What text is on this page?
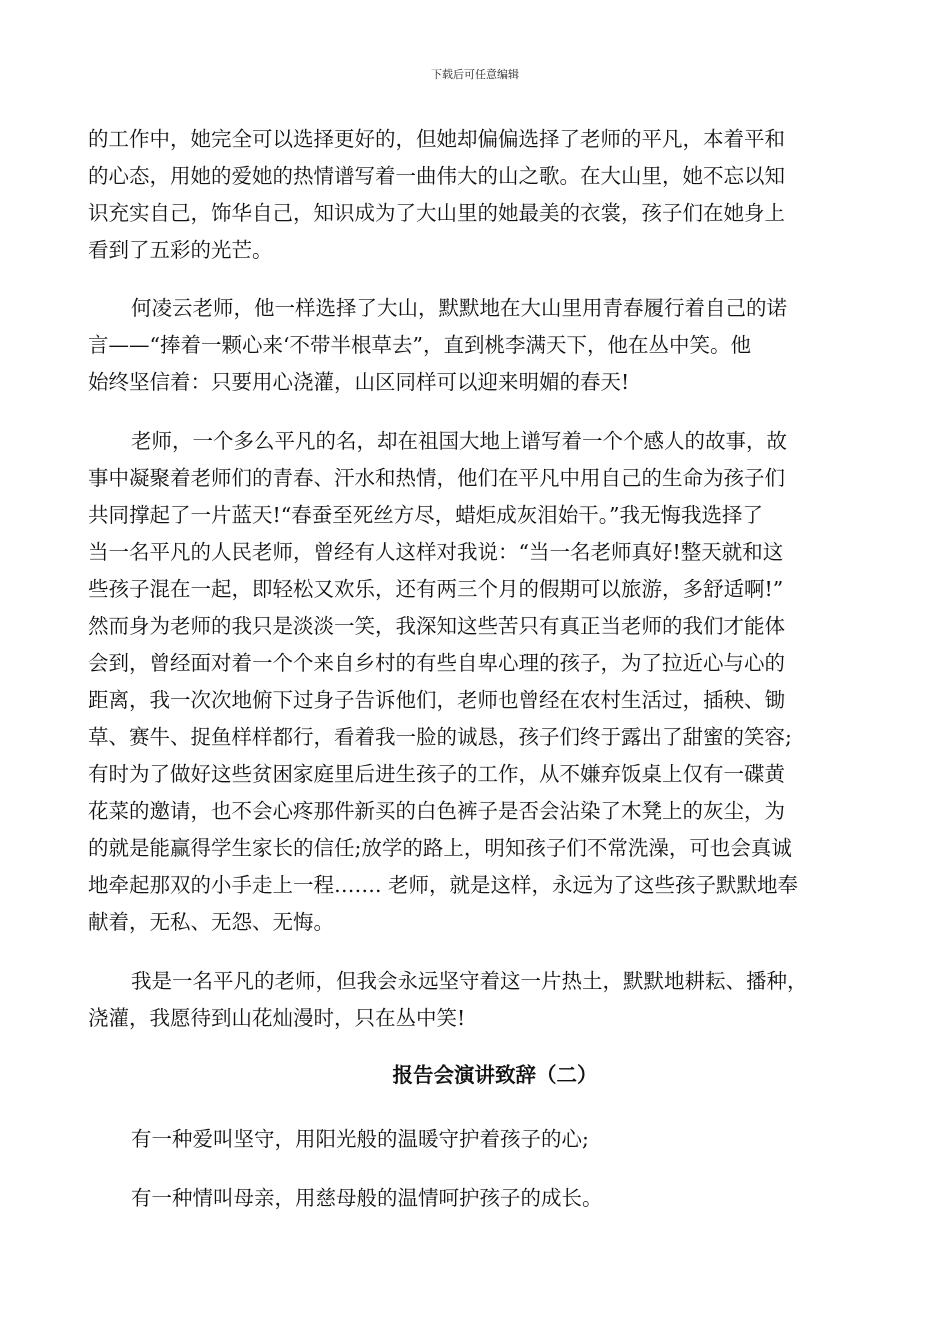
下载后可任意编辑
的工作中，她完全可以选择更好的，但她却偏偏选择了老师的平凡，本着平和
的心态，用她的爱她的热情谱写着一曲伟大的山之歌。在大山里，她不忘以知
识充实自己，饰华自己，知识成为了大山里的她最美的衣裳，孩子们在她身上
看到了五彩的光芒。
何凌云老师，他一样选择了大山，默默地在大山里用青春履行着自己的诺
言——“捧着一颗心来‘不带半根草去”，直到桃李满天下，他在丛中笑。他
始终坚信着：只要用心浇灌，山区同样可以迎来明媚的春天!
老师，一个多么平凡的名，却在祖国大地上谱写着一个个感人的故事，故
事中凝聚着老师们的青春、汗水和热情，他们在平凡中用自己的生命为孩子们
共同撑起了一片蓝天!“春蚕至死丝方尽，蜡炬成灰泪始干。”我无悔我选择了
当一名平凡的人民老师，曾经有人这样对我说：“当一名老师真好!整天就和这
些孩子混在一起，即轻松又欢乐，还有两三个月的假期可以旅游，多舒适啊!”
然而身为老师的我只是淡淡一笑，我深知这些苦只有真正当老师的我们才能体
会到，曾经面对着一个个来自乡村的有些自卑心理的孩子，为了拉近心与心的
距离，我一次次地俯下过身子告诉他们，老师也曾经在农村生活过，插秧、锄
草、赛牛、捉鱼样样都行，看着我一脸的诚恳，孩子们终于露出了甜蜜的笑容;
有时为了做好这些贫困家庭里后进生孩子的工作，从不嫌弃饭桌上仅有一碟黄
花菜的邀请，也不会心疼那件新买的白色裤子是否会沾染了木凳上的灰尘，为
的就是能赢得学生家长的信任;放学的路上，明知孩子们不常洗澡，可也会真诚
地牵起那双的小手走上一程……. 老师，就是这样，永远为了这些孩子默默地奉
献着，无私、无怨、无悔。
我是一名平凡的老师，但我会永远坚守着这一片热土，默默地耕耘、播种，
浇灌，我愿待到山花灿漫时，只在丛中笑!
报告会演讲致辞（二）
有一种爱叫坚守，用阳光般的温暖守护着孩子的心;
有一种情叫母亲，用慈母般的温情呵护孩子的成长。
